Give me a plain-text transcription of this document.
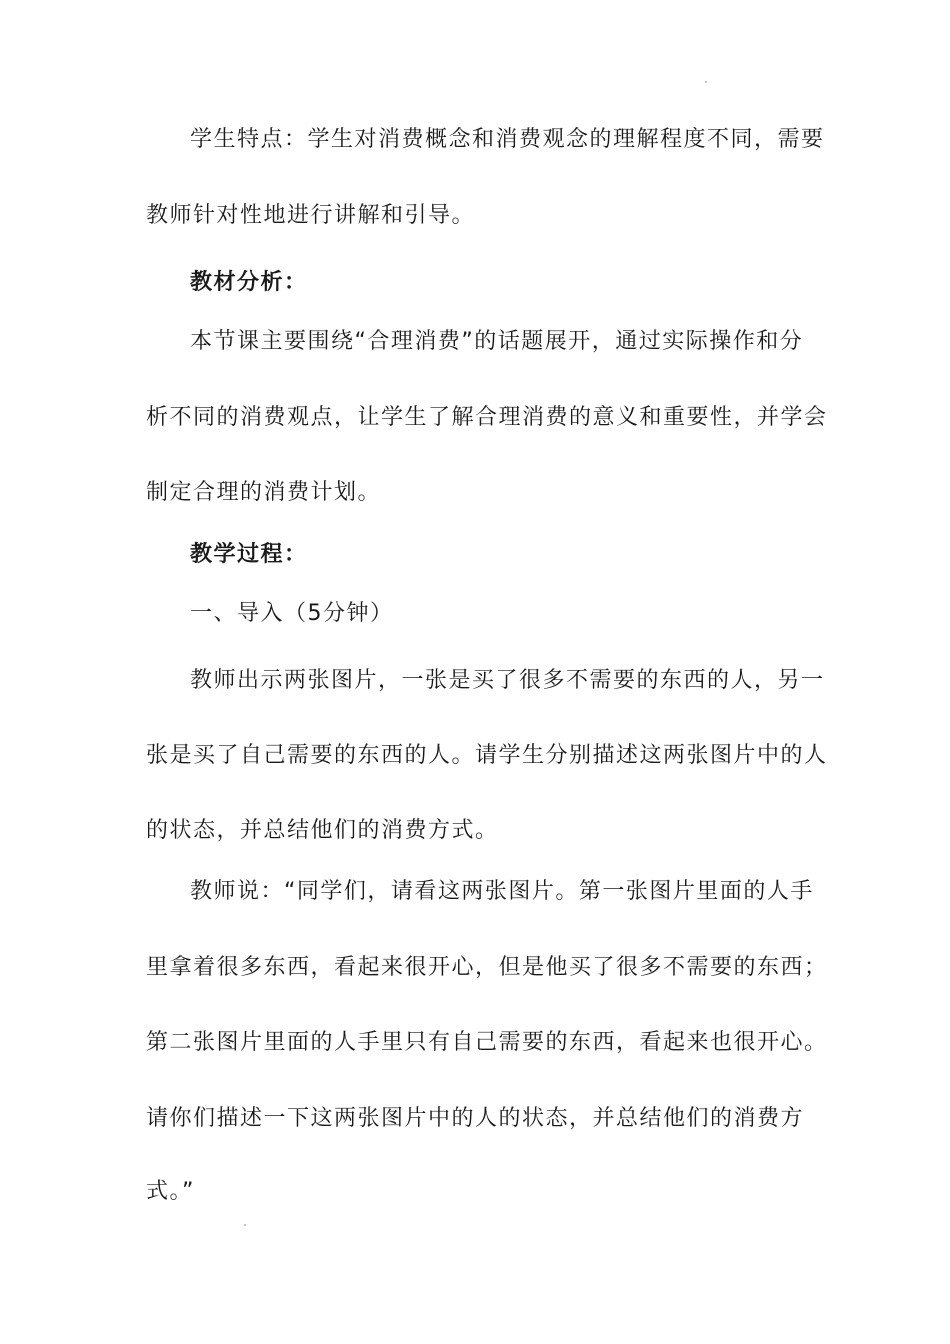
学生特点：学生对消费概念和消费观念的理解程度不同，需要
教师针对性地进行讲解和引导。
教材分析：
本节课主要围绕“合理消费”的话题展开，通过实际操作和分
析不同的消费观点，让学生了解合理消费的意义和重要性，并学会
制定合理的消费计划。
教学过程：
一、导入（5分钟）
教师出示两张图片，一张是买了很多不需要的东西的人，另一
张是买了自己需要的东西的人。请学生分别描述这两张图片中的人
的状态，并总结他们的消费方式。
教师说：“同学们，请看这两张图片。第一张图片里面的人手
里拿着很多东西，看起来很开心，但是他买了很多不需要的东西；
第二张图片里面的人手里只有自己需要的东西，看起来也很开心。
请你们描述一下这两张图片中的人的状态，并总结他们的消费方
式。”
